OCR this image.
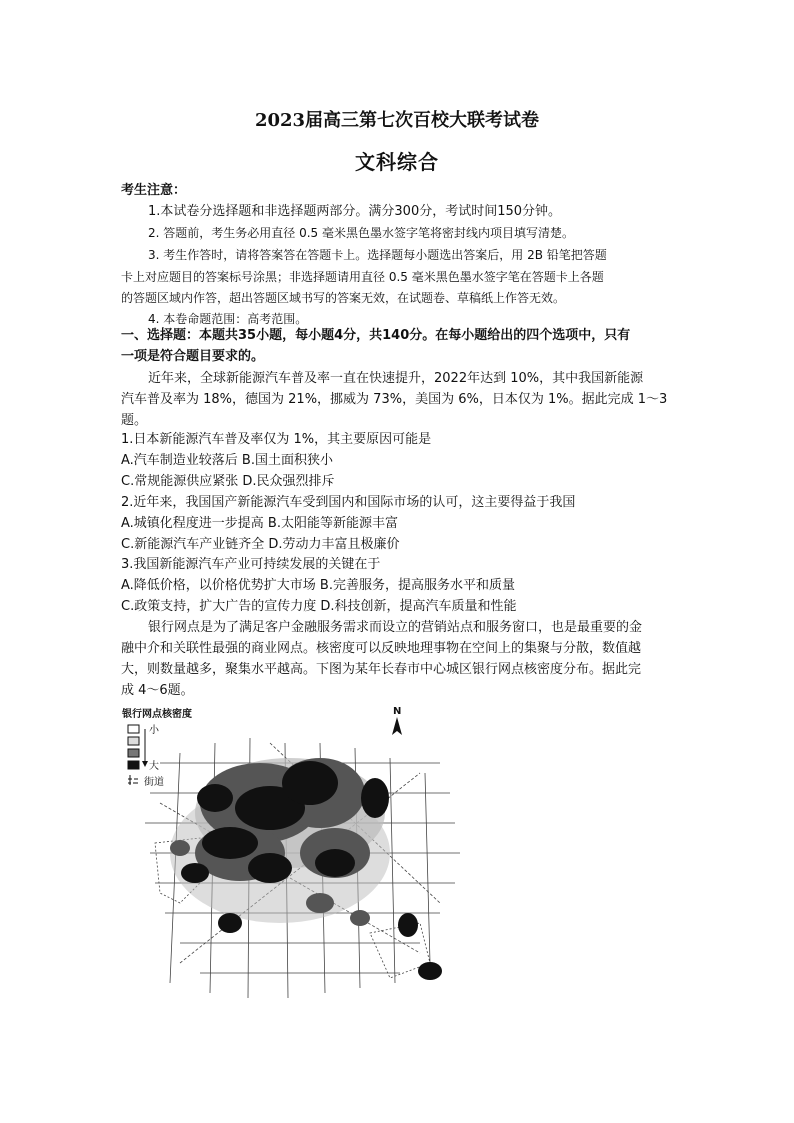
2023届高三第七次百校大联考试卷
文科综合
考生注意：
1.本试卷分选择题和非选择题两部分。满分300分，考试时间150分钟。
2. 答题前，考生务必用直径 0.5 毫米黑色墨水签字笔将密封线内项目填写清楚。
3. 考生作答时，请将答案答在答题卡上。选择题每小题选出答案后，用 2B 铅笔把答题
卡上对应题目的答案标号涂黑；非选择题请用直径 0.5 毫米黑色墨水签字笔在答题卡上各题
的答题区域内作答，超出答题区域书写的答案无效，在试题卷、草稿纸上作答无效。
4. 本卷命题范围：高考范围。
一、选择题：本题共35小题，每小题4分，共140分。在每小题给出的四个选项中，只有
一项是符合题目要求的。
近年来，全球新能源汽车普及率一直在快速提升，2022年达到 10%，其中我国新能源
汽车普及率为 18%，德国为 21%，挪威为 73%，美国为 6%，日本仅为 1%。据此完成 1～3
题。
1.日本新能源汽车普及率仅为 1%，其主要原因可能是
A.汽车制造业较落后 B.国土面积狭小
C.常规能源供应紧张 D.民众强烈排斥
2.近年来，我国国产新能源汽车受到国内和国际市场的认可，这主要得益于我国
A.城镇化程度进一步提高 B.太阳能等新能源丰富
C.新能源汽车产业链齐全 D.劳动力丰富且极廉价
3.我国新能源汽车产业可持续发展的关键在于
A.降低价格，以价格优势扩大市场 B.完善服务，提高服务水平和质量
C.政策支持，扩大广告的宣传力度 D.科技创新，提高汽车质量和性能
银行网点是为了满足客户金融服务需求而设立的营销站点和服务窗口，也是最重要的金
融中介和关联性最强的商业网点。核密度可以反映地理事物在空间上的集聚与分散，数值越
大，则数量越多，聚集水平越高。下图为某年长春市中心城区银行网点核密度分布。据此完
成 4～6题。
银行网点核密度
小
大
街道
N
